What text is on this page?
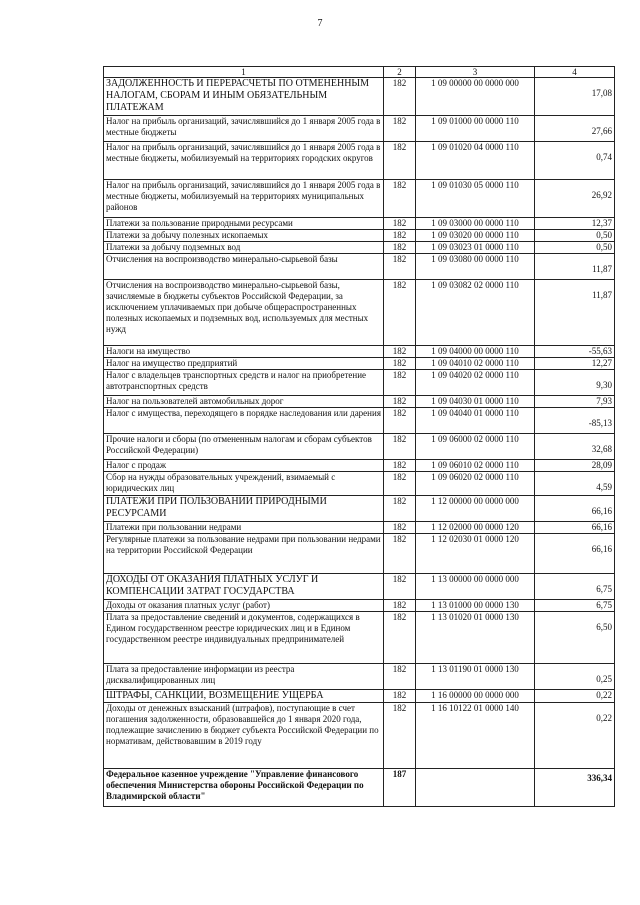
7
1	2	3	4
ЗАДОЛЖЕННОСТЬ И ПЕРЕРАСЧЕТЫ ПО ОТМЕНЕННЫМ НАЛОГАМ, СБОРАМ И ИНЫМ ОБЯЗАТЕЛЬНЫМ ПЛАТЕЖАМ	182	1 09 00000 00 0000 000	17,08
Налог на прибыль организаций, зачислявшийся до 1 января 2005 года в местные бюджеты	182	1 09 01000 00 0000 110	27,66
Налог на прибыль организаций, зачислявшийся до 1 января 2005 года в местные бюджеты, мобилизуемый на территориях городских округов	182	1 09 01020 04 0000 110	0,74
Налог на прибыль организаций, зачислявшийся до 1 января 2005 года в местные бюджеты, мобилизуемый на территориях муниципальных районов	182	1 09 01030 05 0000 110	26,92
Платежи за пользование природными ресурсами	182	1 09 03000 00 0000 110	12,37
Платежи за добычу полезных ископаемых	182	1 09 03020 00 0000 110	0,50
Платежи за добычу подземных вод	182	1 09 03023 01 0000 110	0,50
Отчисления на воспроизводство минерально-сырьевой базы	182	1 09 03080 00 0000 110	11,87
Отчисления на воспроизводство минерально-сырьевой базы, зачисляемые в бюджеты субъектов Российской Федерации, за исключением уплачиваемых при добыче общераспространенных полезных ископаемых и подземных вод, используемых для местных нужд	182	1 09 03082 02 0000 110	11,87
Налоги на имущество	182	1 09 04000 00 0000 110	-55,63
Налог на имущество предприятий	182	1 09 04010 02 0000 110	12,27
Налог с владельцев транспортных средств и налог на приобретение автотранспортных средств	182	1 09 04020 02 0000 110	9,30
Налог на пользователей автомобильных дорог	182	1 09 04030 01 0000 110	7,93
Налог с имущества, переходящего в порядке наследования или дарения	182	1 09 04040 01 0000 110	-85,13
Прочие налоги и сборы (по отмененным налогам и сборам субъектов Российской Федерации)	182	1 09 06000 02 0000 110	32,68
Налог с продаж	182	1 09 06010 02 0000 110	28,09
Сбор на нужды образовательных учреждений, взимаемый с юридических лиц	182	1 09 06020 02 0000 110	4,59
ПЛАТЕЖИ ПРИ ПОЛЬЗОВАНИИ ПРИРОДНЫМИ РЕСУРСАМИ	182	1 12 00000 00 0000 000	66,16
Платежи при пользовании недрами	182	1 12 02000 00 0000 120	66,16
Регулярные платежи за пользование недрами при пользовании недрами на территории Российской Федерации	182	1 12 02030 01 0000 120	66,16
ДОХОДЫ ОТ ОКАЗАНИЯ ПЛАТНЫХ УСЛУГ И КОМПЕНСАЦИИ ЗАТРАТ ГОСУДАРСТВА	182	1 13 00000 00 0000 000	6,75
Доходы от оказания платных услуг (работ)	182	1 13 01000 00 0000 130	6,75
Плата за предоставление сведений и документов, содержащихся в Едином государственном реестре юридических лиц и в Едином государственном реестре индивидуальных предпринимателей	182	1 13 01020 01 0000 130	6,50
Плата за предоставление информации из реестра дисквалифицированных лиц	182	1 13 01190 01 0000 130	0,25
ШТРАФЫ, САНКЦИИ, ВОЗМЕЩЕНИЕ УЩЕРБА	182	1 16 00000 00 0000 000	0,22
Доходы от денежных взысканий (штрафов), поступающие в счет погашения задолженности, образовавшейся до 1 января 2020 года, подлежащие зачислению в бюджет субъекта Российской Федерации по нормативам, действовавшим в 2019 году	182	1 16 10122 01 0000 140	0,22
Федеральное казенное учреждение "Управление финансового обеспечения Министерства обороны Российской Федерации по Владимирской области"	187		336,34
